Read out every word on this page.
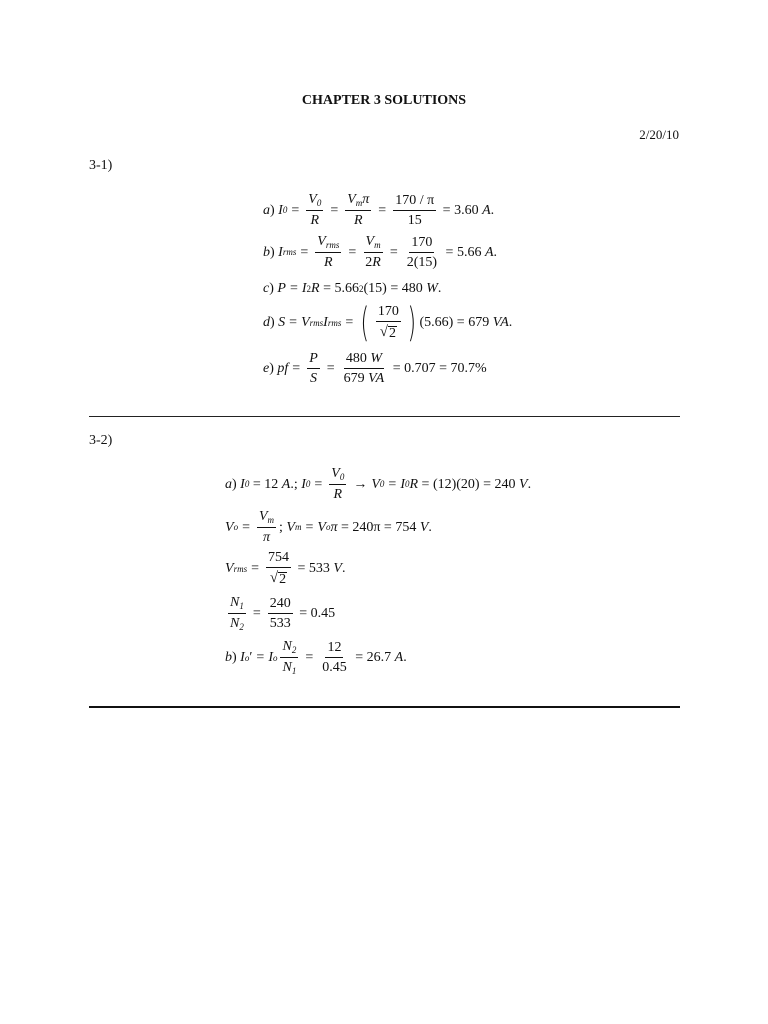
CHAPTER 3 SOLUTIONS
2/20/10
3-1)
a ) I $0 = \frac{V_0}{R} = \frac{V_m\pi}{R} = \frac{170 / \pi}{15}$
= 3.60
A .
b ) I rms = $\frac{V_{rms}}{R} = \frac{V_m}{2R} = \frac{170}{2(15)}$
= 5.66
A .
c ) P = I 2 R
= 5.66 2 (15) = 480
W .
d ) S = V rms I rms = ( $\frac{170}{√ 2}$ ) (5.66) = 679
VA .
e ) pf = $\frac{P}{S} = \frac{480 W}{679 VA}$
= 0.707 = 70.7%
3-2)
a ) I 0
= 12
A .; I $0 = \frac{V_0}{R} \to V$ 0 = I 0 R
= (12)(20) = 240
V .
V $o = \frac{V_m}{\pi}$ ; V m = V o π
= 240π = 754
V .
V rms = $\frac{754}{√ 2}$
= 533
V .
$\frac{N_1}{N_2} = \frac{240}{533}$
= 0.45
b ) I o ′ = I o $\frac{N_2}{N_1} = \frac{12}{0.45}$
= 26.7
A .
